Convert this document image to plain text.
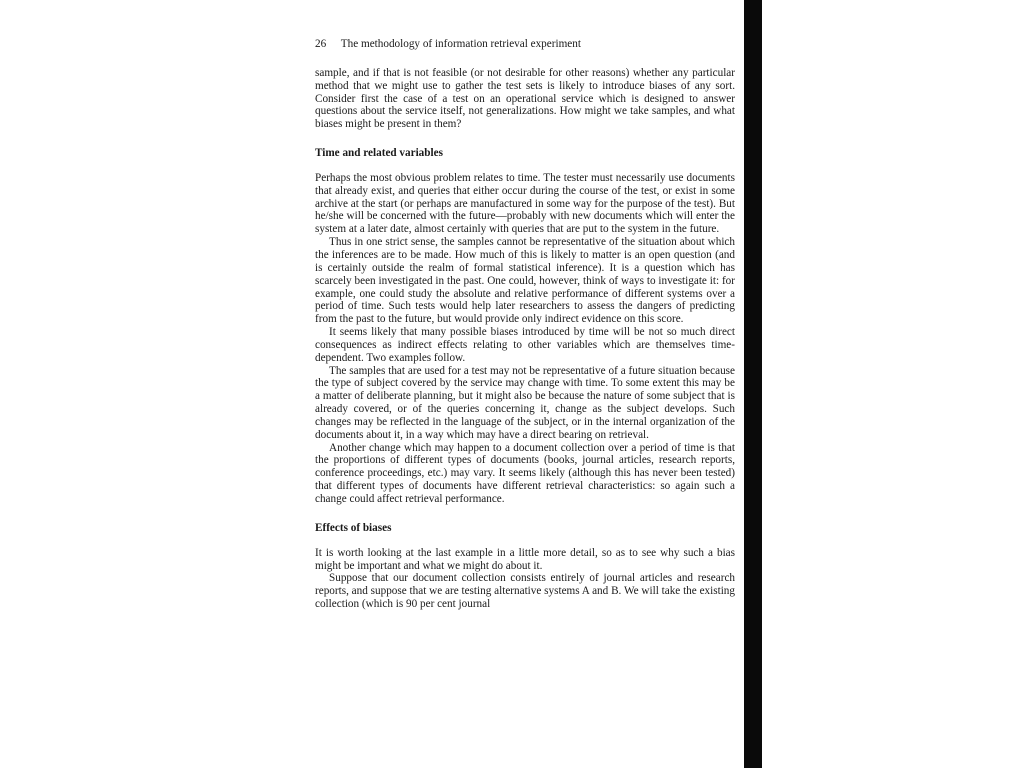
26 The methodology of information retrieval experiment

sample, and if that is not feasible (or not desirable for other reasons) whether any particular method that we might use to gather the test sets is likely to introduce biases of any sort. Consider first the case of a test on an operational service which is designed to answer questions about the service itself, not generalizations. How might we take samples, and what biases might be present in them?

Time and related variables

Perhaps the most obvious problem relates to time. The tester must necessarily use documents that already exist, and queries that either occur during the course of the test, or exist in some archive at the start (or perhaps are manufactured in some way for the purpose of the test). But he/she will be concerned with the future—probably with new documents which will enter the system at a later date, almost certainly with queries that are put to the system in the future.

Thus in one strict sense, the samples cannot be representative of the situation about which the inferences are to be made. How much of this is likely to matter is an open question (and is certainly outside the realm of formal statistical inference). It is a question which has scarcely been investigated in the past. One could, however, think of ways to investigate it: for example, one could study the absolute and relative performance of different systems over a period of time. Such tests would help later researchers to assess the dangers of predicting from the past to the future, but would provide only indirect evidence on this score.

It seems likely that many possible biases introduced by time will be not so much direct consequences as indirect effects relating to other variables which are themselves time-dependent. Two examples follow.

The samples that are used for a test may not be representative of a future situation because the type of subject covered by the service may change with time. To some extent this may be a matter of deliberate planning, but it might also be because the nature of some subject that is already covered, or of the queries concerning it, change as the subject develops. Such changes may be reflected in the language of the subject, or in the internal organization of the documents about it, in a way which may have a direct bearing on retrieval.

Another change which may happen to a document collection over a period of time is that the proportions of different types of documents (books, journal articles, research reports, conference proceedings, etc.) may vary. It seems likely (although this has never been tested) that different types of documents have different retrieval characteristics: so again such a change could affect retrieval performance.

Effects of biases

It is worth looking at the last example in a little more detail, so as to see why such a bias might be important and what we might do about it.

Suppose that our document collection consists entirely of journal articles and research reports, and suppose that we are testing alternative systems A and B. We will take the existing collection (which is 90 per cent journal
